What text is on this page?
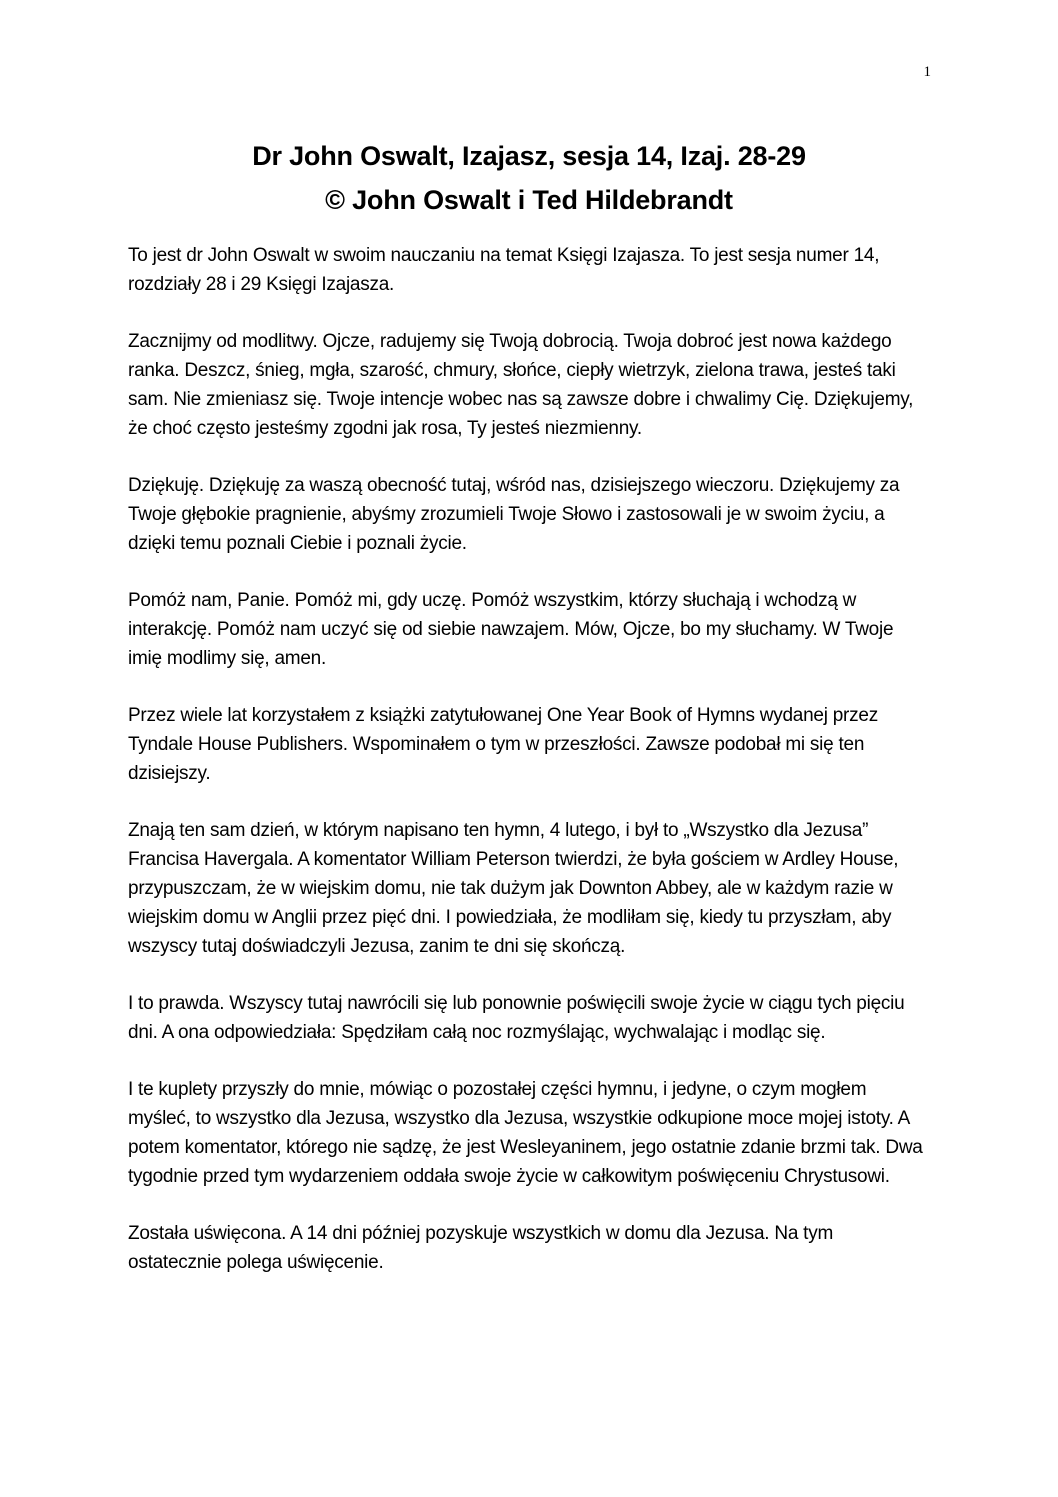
1
Dr John Oswalt, Izajasz, sesja 14, Izaj. 28-29
© John Oswalt i Ted Hildebrandt

To jest dr John Oswalt w swoim nauczaniu na temat Księgi Izajasza. To jest sesja numer 14, rozdziały 28 i 29 Księgi Izajasza.

Zacznijmy od modlitwy. Ojcze, radujemy się Twoją dobrocią. Twoja dobroć jest nowa każdego ranka. Deszcz, śnieg, mgła, szarość, chmury, słońce, ciepły wietrzyk, zielona trawa, jesteś taki sam. Nie zmieniasz się. Twoje intencje wobec nas są zawsze dobre i chwalimy Cię. Dziękujemy, że choć często jesteśmy zgodni jak rosa, Ty jesteś niezmienny.

Dziękuję. Dziękuję za waszą obecność tutaj, wśród nas, dzisiejszego wieczoru. Dziękujemy za Twoje głębokie pragnienie, abyśmy zrozumieli Twoje Słowo i zastosowali je w swoim życiu, a dzięki temu poznali Ciebie i poznali życie.

Pomóż nam, Panie. Pomóż mi, gdy uczę. Pomóż wszystkim, którzy słuchają i wchodzą w interakcję. Pomóż nam uczyć się od siebie nawzajem. Mów, Ojcze, bo my słuchamy. W Twoje imię modlimy się, amen.

Przez wiele lat korzystałem z książki zatytułowanej One Year Book of Hymns wydanej przez Tyndale House Publishers. Wspominałem o tym w przeszłości. Zawsze podobał mi się ten dzisiejszy.

Znają ten sam dzień, w którym napisano ten hymn, 4 lutego, i był to „Wszystko dla Jezusa” Francisa Havergala. A komentator William Peterson twierdzi, że była gościem w Ardley House, przypuszczam, że w wiejskim domu, nie tak dużym jak Downton Abbey, ale w każdym razie w wiejskim domu w Anglii przez pięć dni. I powiedziała, że modliłam się, kiedy tu przyszłam, aby wszyscy tutaj doświadczyli Jezusa, zanim te dni się skończą.

I to prawda. Wszyscy tutaj nawrócili się lub ponownie poświęcili swoje życie w ciągu tych pięciu dni. A ona odpowiedziała: Spędziłam całą noc rozmyślając, wychwalając i modląc się.

I te kuplety przyszły do mnie, mówiąc o pozostałej części hymnu, i jedyne, o czym mogłem myśleć, to wszystko dla Jezusa, wszystko dla Jezusa, wszystkie odkupione moce mojej istoty. A potem komentator, którego nie sądzę, że jest Wesleyaninem, jego ostatnie zdanie brzmi tak. Dwa tygodnie przed tym wydarzeniem oddała swoje życie w całkowitym poświęceniu Chrystusowi.

Została uświęcona. A 14 dni później pozyskuje wszystkich w domu dla Jezusa. Na tym ostatecznie polega uświęcenie.
